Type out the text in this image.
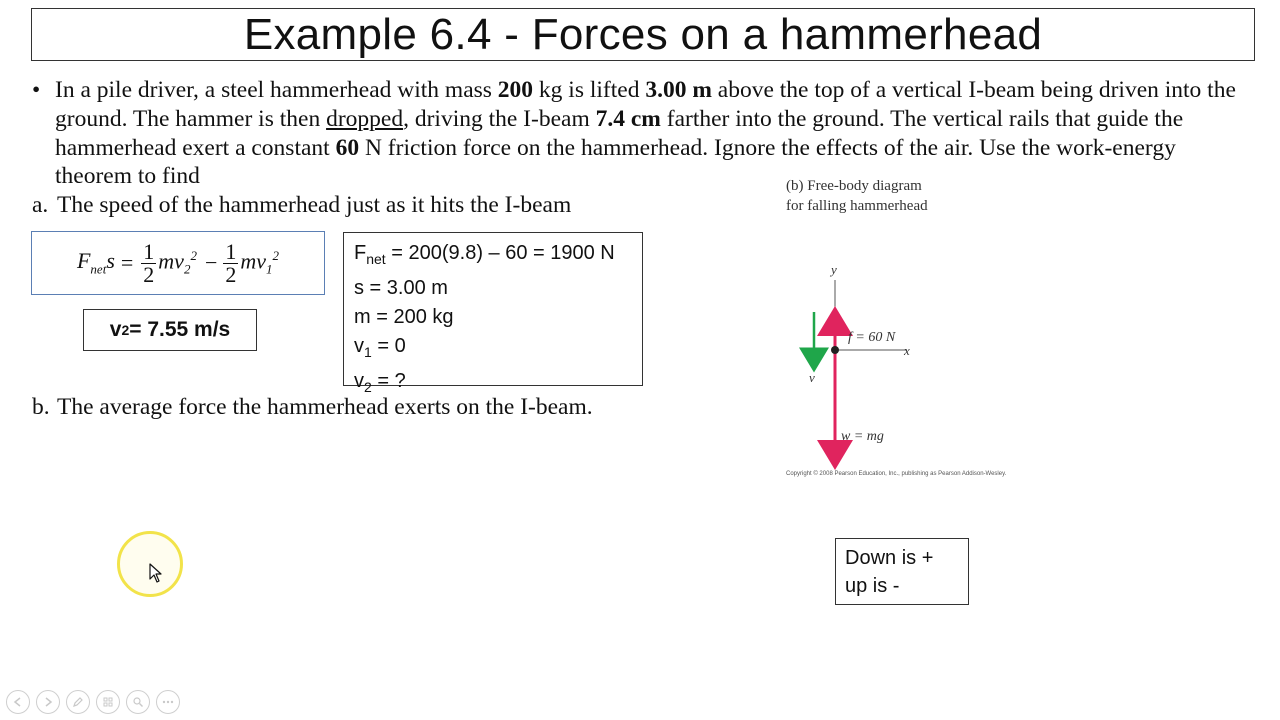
Example 6.4 - Forces on a hammerhead
• In a pile driver, a steel hammerhead with mass 200 kg is lifted 3.00 m above the top of a vertical I-beam being driven into the ground. The hammer is then dropped, driving the I-beam 7.4 cm farther into the ground. The vertical rails that guide the hammerhead exert a constant 60 N friction force on the hammerhead. Ignore the effects of the air. Use the work-energy theorem to find
a. The speed of the hammerhead just as it hits the I-beam
b. The average force the hammerhead exerts on the I-beam.
$F_{net}s = \frac{1}{2} mv_2^2 - \frac{1}{2} mv_1^2$
v 2 = 7.55 m/s
$F_{net} = 200(9.8) - 60 = 1900$ N
s = 3.00 m
m = 200 kg
$v_1 = 0$
$v_2$ = ?
(b) Free-body diagram
for falling hammerhead
y
x
v
f = 60 N
w = mg
Copyright © 2008 Pearson Education, Inc., publishing as Pearson Addison-Wesley.
Down is +
up is -
